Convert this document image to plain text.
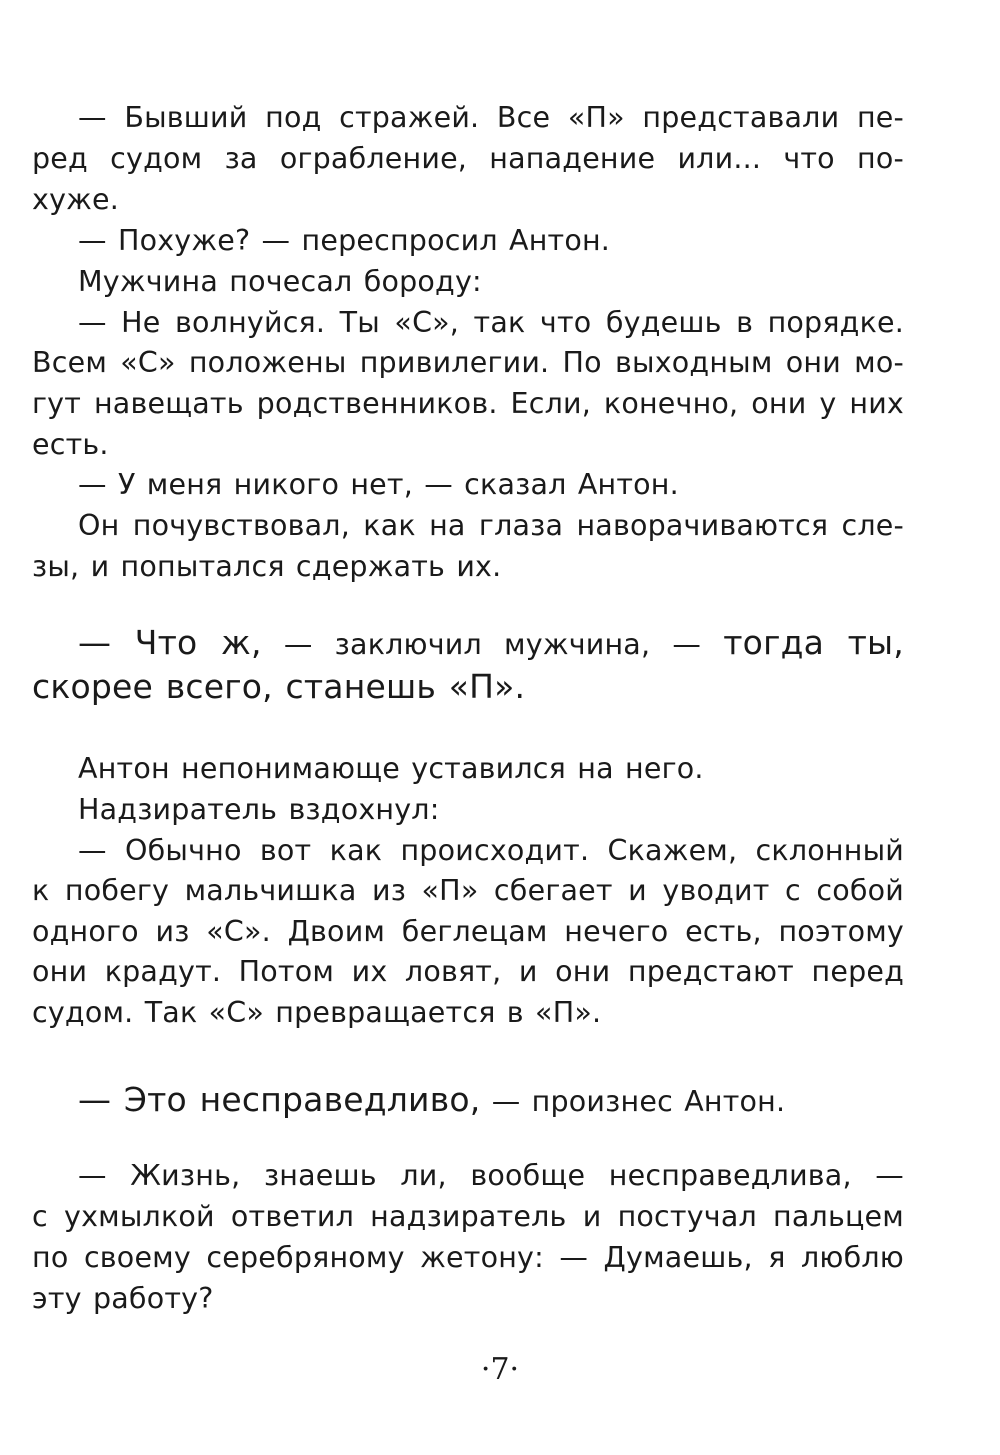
— Бывший под стражей. Все «П» представали пе-
ред судом за ограбление, нападение или... что по-
хуже.
— Похуже? — переспросил Антон.
Мужчина почесал бороду:
— Не волнуйся. Ты «С», так что будешь в порядке.
Всем «С» положены привилегии. По выходным они мо-
гут навещать родственников. Если, конечно, они у них
есть.
— У меня никого нет, — сказал Антон.
Он почувствовал, как на глаза наворачиваются сле-
зы, и попытался сдержать их.
— Что ж, — заключил мужчина, — тогда ты,
скорее всего, станешь «П».
Антон непонимающе уставился на него.
Надзиратель вздохнул:
— Обычно вот как происходит. Скажем, склонный
к побегу мальчишка из «П» сбегает и уводит с собой
одного из «С». Двоим беглецам нечего есть, поэтому
они крадут. Потом их ловят, и они предстают перед
судом. Так «С» превращается в «П».
— Это несправедливо, — произнес Антон.
— Жизнь, знаешь ли, вообще несправедлива, —
с ухмылкой ответил надзиратель и постучал пальцем
по своему серебряному жетону: — Думаешь, я люблю
эту работу?
·7·
